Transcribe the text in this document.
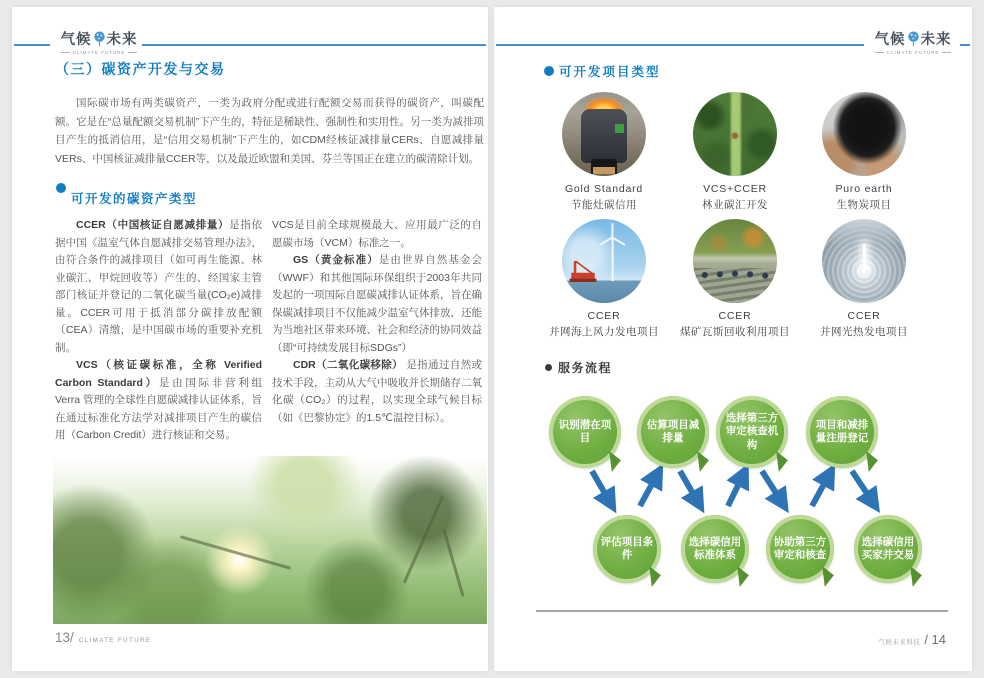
气候 未来
CLIMATE FUTURE
（三）碳资产开发与交易

国际碳市场有两类碳资产，一类为政府分配或进行配额交易而获得的碳资产，叫碳配额。它是在“总量配额交易机制”下产生的，特征是稀缺性、强制性和实用性。另一类为减排项目产生的抵消信用，是“信用交易机制”下产生的，如CDM经核证减排量CERs、自愿减排量VERs、中国核证减排量CCER等，以及最近欧盟和美国、芬兰等国正在建立的碳清除计划。

可开发的碳资产类型

CCER（中国核证自愿减排量）是指依据中国《温室气体自愿减排交易管理办法》，由符合条件的减排项目（如可再生能源、林业碳汇、甲烷回收等）产生的、经国家主管部门核证并登记的二氧化碳当量(CO₂e)减排量。CCER可用于抵消部分碳排放配额（CEA）清缴，是中国碳市场的重要补充机制。

VCS（核证碳标准，全称 Verified Carbon Standard）是由国际非营利组 Verra 管理的全球性自愿碳减排认证体系，旨在通过标准化方法学对减排项目产生的碳信用（Carbon Credit）进行核证和交易。

VCS是目前全球规模最大、应用最广泛的自愿碳市场（VCM）标准之一。

GS（黄金标准）是由世界自然基金会（WWF）和其他国际环保组织于2003年共同发起的一项国际自愿碳减排认证体系，旨在确保碳减排项目不仅能减少温室气体排放，还能为当地社区带来环境、社会和经济的协同效益（即“可持续发展目标SDGs”）

CDR（二氧化碳移除） 是指通过自然或技术手段，主动从大气中吸收并长期储存二氧化碳（CO₂）的过程，以实现全球气候目标（如《巴黎协定》的1.5℃温控目标）。

13/ CLIMATE FUTURE
气候 未来
CLIMATE FUTURE
可开发项目类型
Gold Standard
节能灶碳信用
VCS+CCER
林业碳汇开发
Puro earth
生物炭项目
CCER
并网海上风力发电项目
CCER
煤矿瓦斯回收利用项目
CCER
并网光热发电项目
服务流程
识别潜在项目
估算项目减排量
选择第三方审定核查机构
项目和减排量注册登记
评估项目条件
选择碳信用标准体系
协助第三方审定和核查
选择碳信用买家并交易
气候未来科技 / 14
